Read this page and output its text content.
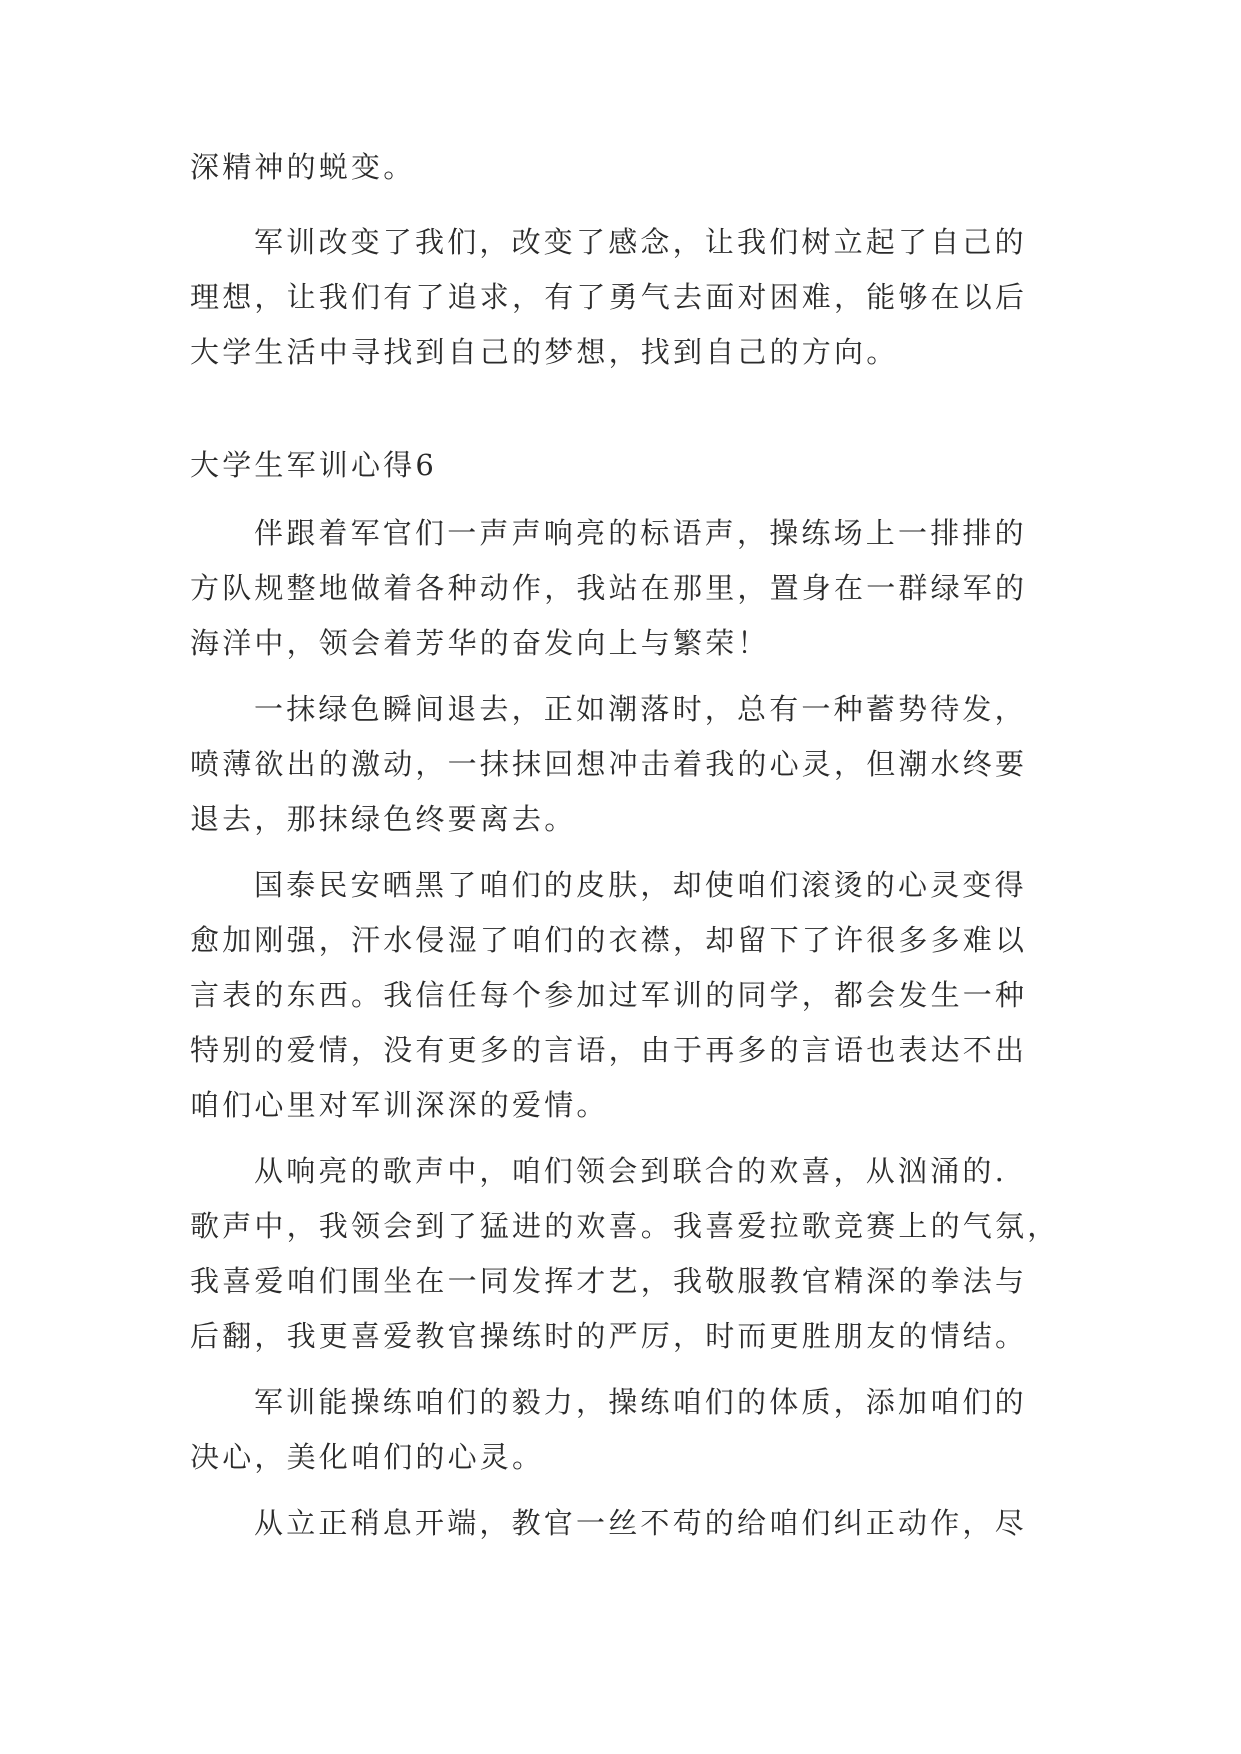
深精神的蜕变。
军训改变了我们，改变了感念，让我们树立起了自己的
理想，让我们有了追求，有了勇气去面对困难，能够在以后
大学生活中寻找到自己的梦想，找到自己的方向。
大学生军训心得6
伴跟着军官们一声声响亮的标语声，操练场上一排排的
方队规整地做着各种动作，我站在那里，置身在一群绿军的
海洋中，领会着芳华的奋发向上与繁荣！
一抹绿色瞬间退去，正如潮落时，总有一种蓄势待发，
喷薄欲出的激动，一抹抹回想冲击着我的心灵，但潮水终要
退去，那抹绿色终要离去。
国泰民安晒黑了咱们的皮肤，却使咱们滚烫的心灵变得
愈加刚强，汗水侵湿了咱们的衣襟，却留下了许很多多难以
言表的东西。我信任每个参加过军训的同学，都会发生一种
特别的爱情，没有更多的言语，由于再多的言语也表达不出
咱们心里对军训深深的爱情。
从响亮的歌声中，咱们领会到联合的欢喜，从汹涌的.
歌声中，我领会到了猛进的欢喜。我喜爱拉歌竞赛上的气氛，
我喜爱咱们围坐在一同发挥才艺，我敬服教官精深的拳法与
后翻，我更喜爱教官操练时的严厉，时而更胜朋友的情结。
军训能操练咱们的毅力，操练咱们的体质，添加咱们的
决心，美化咱们的心灵。
从立正稍息开端，教官一丝不苟的给咱们纠正动作，尽
